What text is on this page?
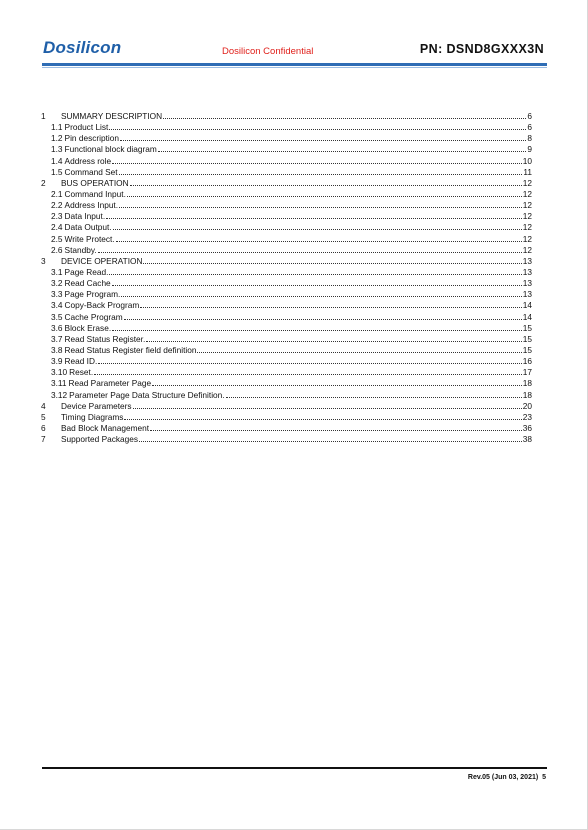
Dosilicon	Dosilicon Confidential	PN: DSND8GXXX3N
1	SUMMARY DESCRIPTION	6
1.1 Product List	6
1.2 Pin description	8
1.3 Functional block diagram	9
1.4 Address role	10
1.5 Command Set	11
2	BUS OPERATION	12
2.1 Command Input.	12
2.2 Address Input.	12
2.3 Data Input.	12
2.4 Data Output.	12
2.5 Write Protect.	12
2.6 Standby.	12
3	DEVICE OPERATION	13
3.1 Page Read.	13
3.2 Read Cache	13
3.3 Page Program.	13
3.4 Copy-Back Program	14
3.5 Cache Program	14
3.6 Block Erase.	15
3.7 Read Status Register.	15
3.8 Read Status Register field definition	15
3.9 Read ID.	16
3.10 Reset.	17
3.11 Read Parameter Page	18
3.12 Parameter Page Data Structure Definition.	18
4	Device Parameters	20
5	Timing Diagrams	23
6	Bad Block Management	36
7	Supported Packages	38
Rev.05 (Jun 03, 2021) 5
